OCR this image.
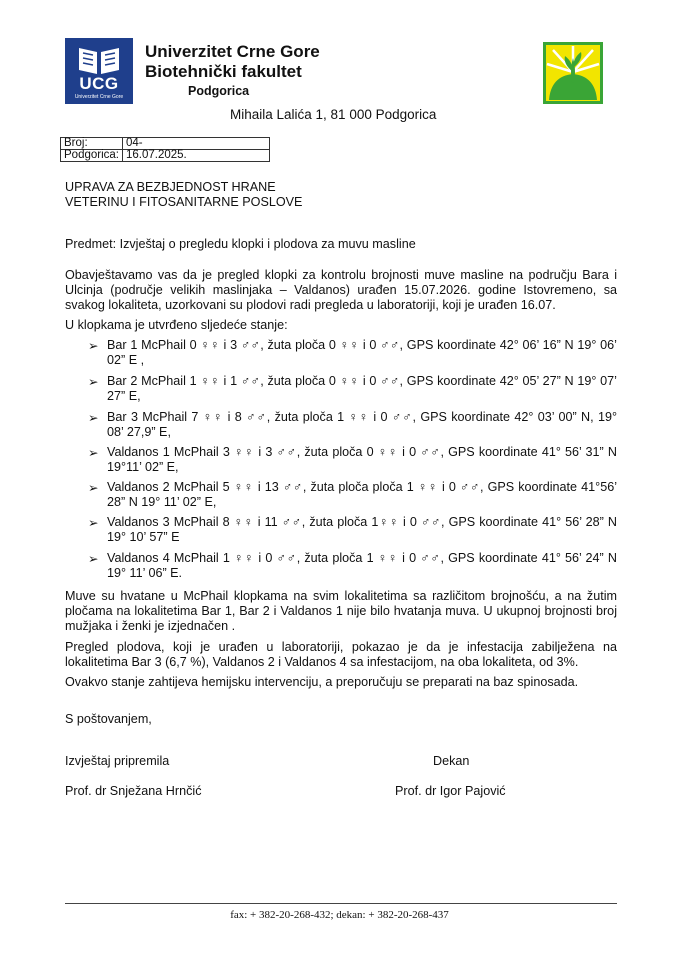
UCG
Univerzitet Crne Gore
Univerzitet Crne Gore
Biotehnički fakultet
Podgorica
Mihaila Lalića 1, 81 000 Podgorica
Broj:	04-
Podgorica:	16.07.2025.
UPRAVA ZA BEZBJEDNOST HRANE
VETERINU I FITOSANITARNE POSLOVE
Predmet: Izvještaj o pregledu klopki i plodova za muvu masline
Obavještavamo vas da je pregled klopki za kontrolu brojnosti muve masline na području Bara i
Ulcinja (područje velikih maslinjaka – Valdanos) urađen 15.07.2026. godine Istovremeno, sa
svakog lokaliteta, uzorkovani su plodovi radi pregleda u laboratoriji, koji je urađen 16.07.
U klopkama je utvrđeno sljedeće stanje:
➢ Bar 1 McPhail 0 ♀♀ i 3 ♂♂, žuta ploča 0 ♀♀ i 0 ♂♂, GPS koordinate 42° 06’ 16” N 19° 06’
02” E ,
➢ Bar 2 McPhail 1 ♀♀ i 1 ♂♂, žuta ploča 0 ♀♀ i 0 ♂♂, GPS koordinate 42° 05’ 27” N 19° 07’
27” E,
➢ Bar 3 McPhail 7 ♀♀ i 8 ♂♂, žuta ploča 1 ♀♀ i 0 ♂♂, GPS koordinate 42° 03’ 00” N, 19°
08’ 27,9” E,
➢ Valdanos 1 McPhail 3 ♀♀ i 3 ♂♂, žuta ploča 0 ♀♀ i 0 ♂♂, GPS koordinate 41° 56’ 31” N
19°11’ 02” E,
➢ Valdanos 2 McPhail 5 ♀♀ i 13 ♂♂, žuta ploča ploča 1 ♀♀ i 0 ♂♂, GPS koordinate 41°56’
28” N 19° 11’ 02” E,
➢ Valdanos 3 McPhail 8 ♀♀ i 11 ♂♂, žuta ploča 1♀♀ i 0 ♂♂, GPS koordinate 41° 56’ 28” N
19° 10’ 57” E
➢ Valdanos 4 McPhail 1 ♀♀ i 0 ♂♂, žuta ploča 1 ♀♀ i 0 ♂♂, GPS koordinate 41° 56’ 24” N
19° 11’ 06” E.
Muve su hvatane u McPhail klopkama na svim lokalitetima sa različitom brojnošću, a na žutim
pločama na lokalitetima Bar 1, Bar 2 i Valdanos 1 nije bilo hvatanja muva. U ukupnoj brojnosti broj
mužjaka i ženki je izjednačen .
Pregled plodova, koji je urađen u laboratoriji, pokazao je da je infestacija zabilježena na
lokalitetima Bar 3 (6,7 %), Valdanos 2 i Valdanos 4 sa infestacijom, na oba lokaliteta, od 3%.
Ovakvo stanje zahtijeva hemijsku intervenciju, a preporučuju se preparati na baz spinosada.
S poštovanjem,
Izvještaj pripremila	Dekan
Prof. dr Snježana Hrnčić	Prof. dr Igor Pajović
fax: + 382-20-268-432; dekan: + 382-20-268-437
